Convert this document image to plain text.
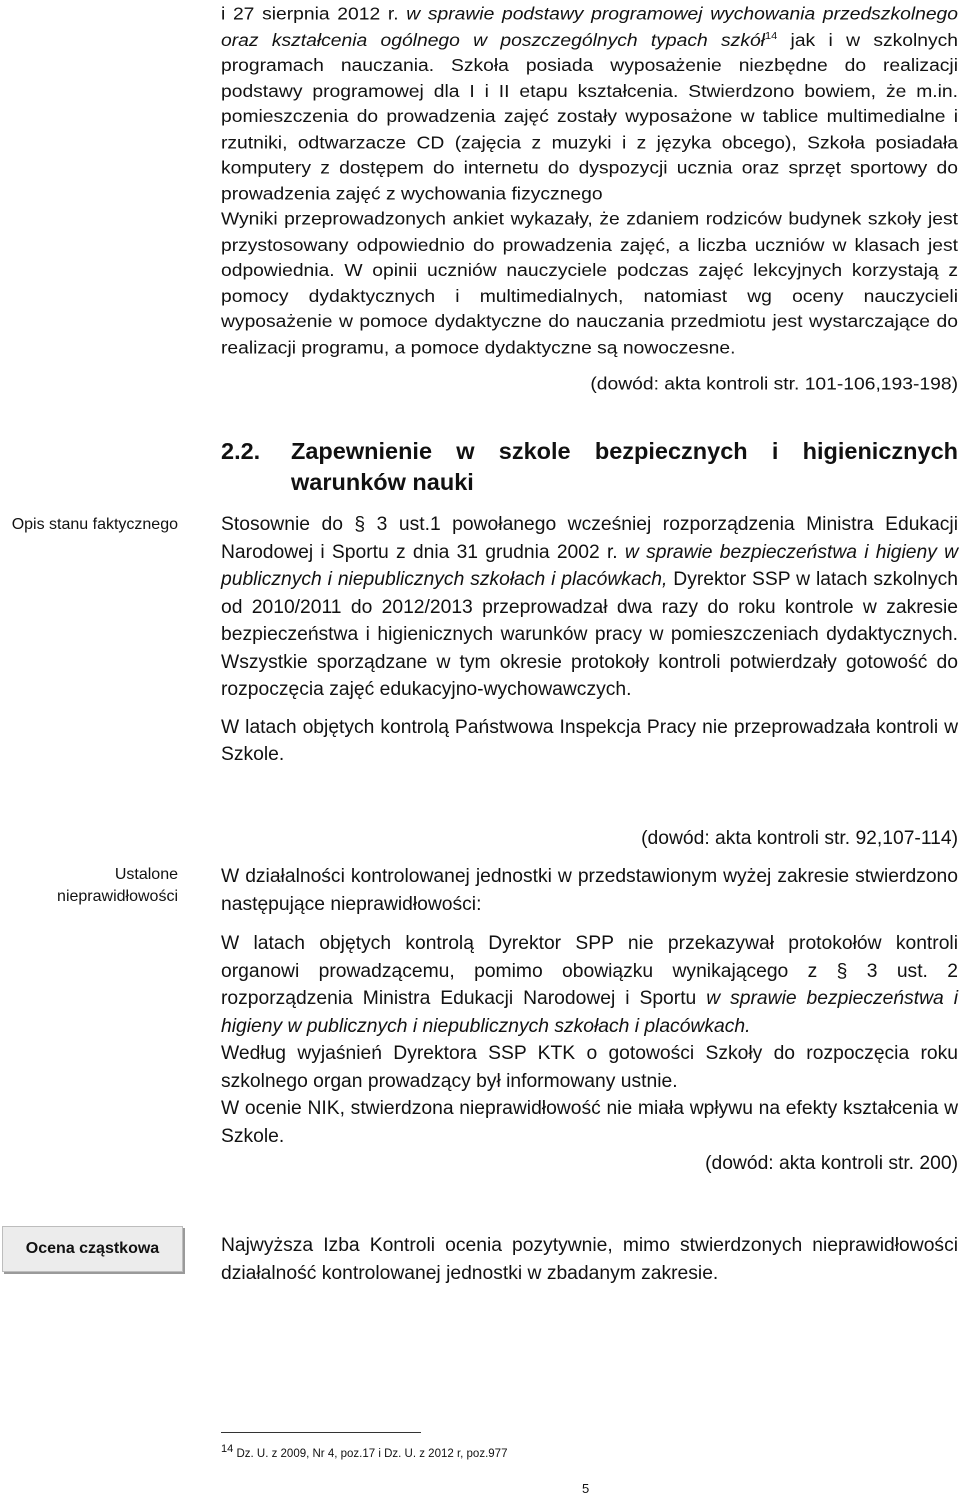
i 27 sierpnia 2012 r. w sprawie podstawy programowej wychowania przedszkolnego oraz kształcenia ogólnego w poszczególnych typach szkół$^{14}$ jak i w szkolnych programach nauczania. Szkoła posiada wyposażenie niezbędne do realizacji podstawy programowej dla I i II etapu kształcenia. Stwierdzono bowiem, że m.in. pomieszczenia do prowadzenia zajęć zostały wyposażone w tablice multimedialne i rzutniki, odtwarzacze CD (zajęcia z muzyki i z języka obcego), Szkoła posiadała komputery z dostępem do internetu do dyspozycji ucznia oraz sprzęt sportowy do prowadzenia zajęć z wychowania fizycznego

Wyniki przeprowadzonych ankiet wykazały, że zdaniem rodziców budynek szkoły jest przystosowany odpowiednio do prowadzenia zajęć, a liczba uczniów w klasach jest odpowiednia. W opinii uczniów nauczyciele podczas zajęć lekcyjnych korzystają z pomocy dydaktycznych i multimedialnych, natomiast wg oceny nauczycieli wyposażenie w pomoce dydaktyczne do nauczania przedmiotu jest wystarczające do realizacji programu, a pomoce dydaktyczne są nowoczesne.

(dowód: akta kontroli str. 101-106,193-198)

2.2. Zapewnienie w szkole bezpiecznych i higienicznych warunków nauki
Opis stanu faktycznego
Ustalone nieprawidłowości
Ocena cząstkowa

Stosownie do § 3 ust.1 powołanego wcześniej rozporządzenia Ministra Edukacji Narodowej i Sportu z dnia 31 grudnia 2002 r. w sprawie bezpieczeństwa i higieny w publicznych i niepublicznych szkołach i placówkach, Dyrektor SSP w latach szkolnych od 2010/2011 do 2012/2013 przeprowadzał dwa razy do roku kontrole w zakresie bezpieczeństwa i higienicznych warunków pracy w pomieszczeniach dydaktycznych. Wszystkie sporządzane w tym okresie protokoły kontroli potwierdzały gotowość do rozpoczęcia zajęć edukacyjno-wychowawczych.

W latach objętych kontrolą Państwowa Inspekcja Pracy nie przeprowadzała kontroli w Szkole.

(dowód: akta kontroli str. 92,107-114)

W działalności kontrolowanej jednostki w przedstawionym wyżej zakresie stwierdzono następujące nieprawidłowości:

W latach objętych kontrolą Dyrektor SPP nie przekazywał protokołów kontroli organowi prowadzącemu, pomimo obowiązku wynikającego z § 3 ust. 2 rozporządzenia Ministra Edukacji Narodowej i Sportu w sprawie bezpieczeństwa i higieny w publicznych i niepublicznych szkołach i placówkach.

Według wyjaśnień Dyrektora SSP KTK o gotowości Szkoły do rozpoczęcia roku szkolnego organ prowadzący był informowany ustnie.

W ocenie NIK, stwierdzona nieprawidłowość nie miała wpływu na efekty kształcenia w Szkole.

(dowód: akta kontroli str. 200)

Najwyższa Izba Kontroli ocenia pozytywnie, mimo stwierdzonych nieprawidłowości działalność kontrolowanej jednostki w zbadanym zakresie.

14 Dz. U. z 2009, Nr 4, poz.17 i Dz. U. z 2012 r, poz.977
5
